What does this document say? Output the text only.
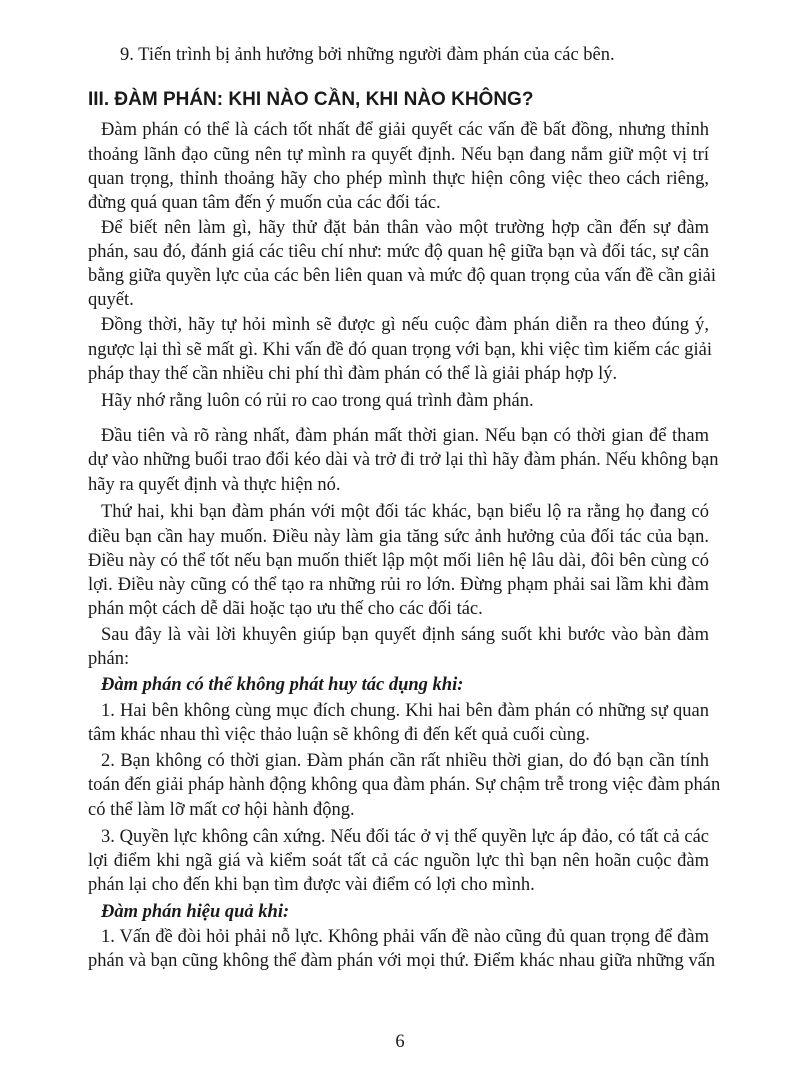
9. Tiến trình bị ảnh hưởng bởi những người đàm phán của các bên.
III. ĐÀM PHÁN: KHI NÀO CẦN, KHI NÀO KHÔNG?
Đàm phán có thể là cách tốt nhất để giải quyết các vấn đề bất đồng, nhưng thỉnh
thoảng lãnh đạo cũng nên tự mình ra quyết định. Nếu bạn đang nắm giữ một vị trí
quan trọng, thỉnh thoảng hãy cho phép mình thực hiện công việc theo cách riêng,
đừng quá quan tâm đến ý muốn của các đối tác.
Để biết nên làm gì, hãy thử đặt bản thân vào một trường hợp cần đến sự đàm
phán, sau đó, đánh giá các tiêu chí như: mức độ quan hệ giữa bạn và đối tác, sự cân
bằng giữa quyền lực của các bên liên quan và mức độ quan trọng của vấn đề cần giải
quyết.
Đồng thời, hãy tự hỏi mình sẽ được gì nếu cuộc đàm phán diễn ra theo đúng ý,
ngược lại thì sẽ mất gì. Khi vấn đề đó quan trọng với bạn, khi việc tìm kiếm các giải
pháp thay thế cần nhiều chi phí thì đàm phán có thể là giải pháp hợp lý.
Hãy nhớ rằng luôn có rủi ro cao trong quá trình đàm phán.
Đầu tiên và rõ ràng nhất, đàm phán mất thời gian. Nếu bạn có thời gian để tham
dự vào những buổi trao đổi kéo dài và trở đi trở lại thì hãy đàm phán. Nếu không bạn
hãy ra quyết định và thực hiện nó.
Thứ hai, khi bạn đàm phán với một đối tác khác, bạn biểu lộ ra rằng họ đang có
điều bạn cần hay muốn. Điều này làm gia tăng sức ảnh hưởng của đối tác của bạn.
Điều này có thể tốt nếu bạn muốn thiết lập một mối liên hệ lâu dài, đôi bên cùng có
lợi. Điều này cũng có thể tạo ra những rủi ro lớn. Đừng phạm phải sai lầm khi đàm
phán một cách dễ dãi hoặc tạo ưu thế cho các đối tác.
Sau đây là vài lời khuyên giúp bạn quyết định sáng suốt khi bước vào bàn đàm
phán:
Đàm phán có thể không phát huy tác dụng khi:
1. Hai bên không cùng mục đích chung. Khi hai bên đàm phán có những sự quan
tâm khác nhau thì việc thảo luận sẽ không đi đến kết quả cuối cùng.
2. Bạn không có thời gian. Đàm phán cần rất nhiều thời gian, do đó bạn cần tính
toán đến giải pháp hành động không qua đàm phán. Sự chậm trễ trong việc đàm phán
có thể làm lỡ mất cơ hội hành động.
3. Quyền lực không cân xứng. Nếu đối tác ở vị thế quyền lực áp đảo, có tất cả các
lợi điểm khi ngã giá và kiểm soát tất cả các nguồn lực thì bạn nên hoãn cuộc đàm
phán lại cho đến khi bạn tìm được vài điểm có lợi cho mình.
Đàm phán hiệu quả khi:
1. Vấn đề đòi hỏi phải nỗ lực. Không phải vấn đề nào cũng đủ quan trọng để đàm
phán và bạn cũng không thể đàm phán với mọi thứ. Điểm khác nhau giữa những vấn
6
